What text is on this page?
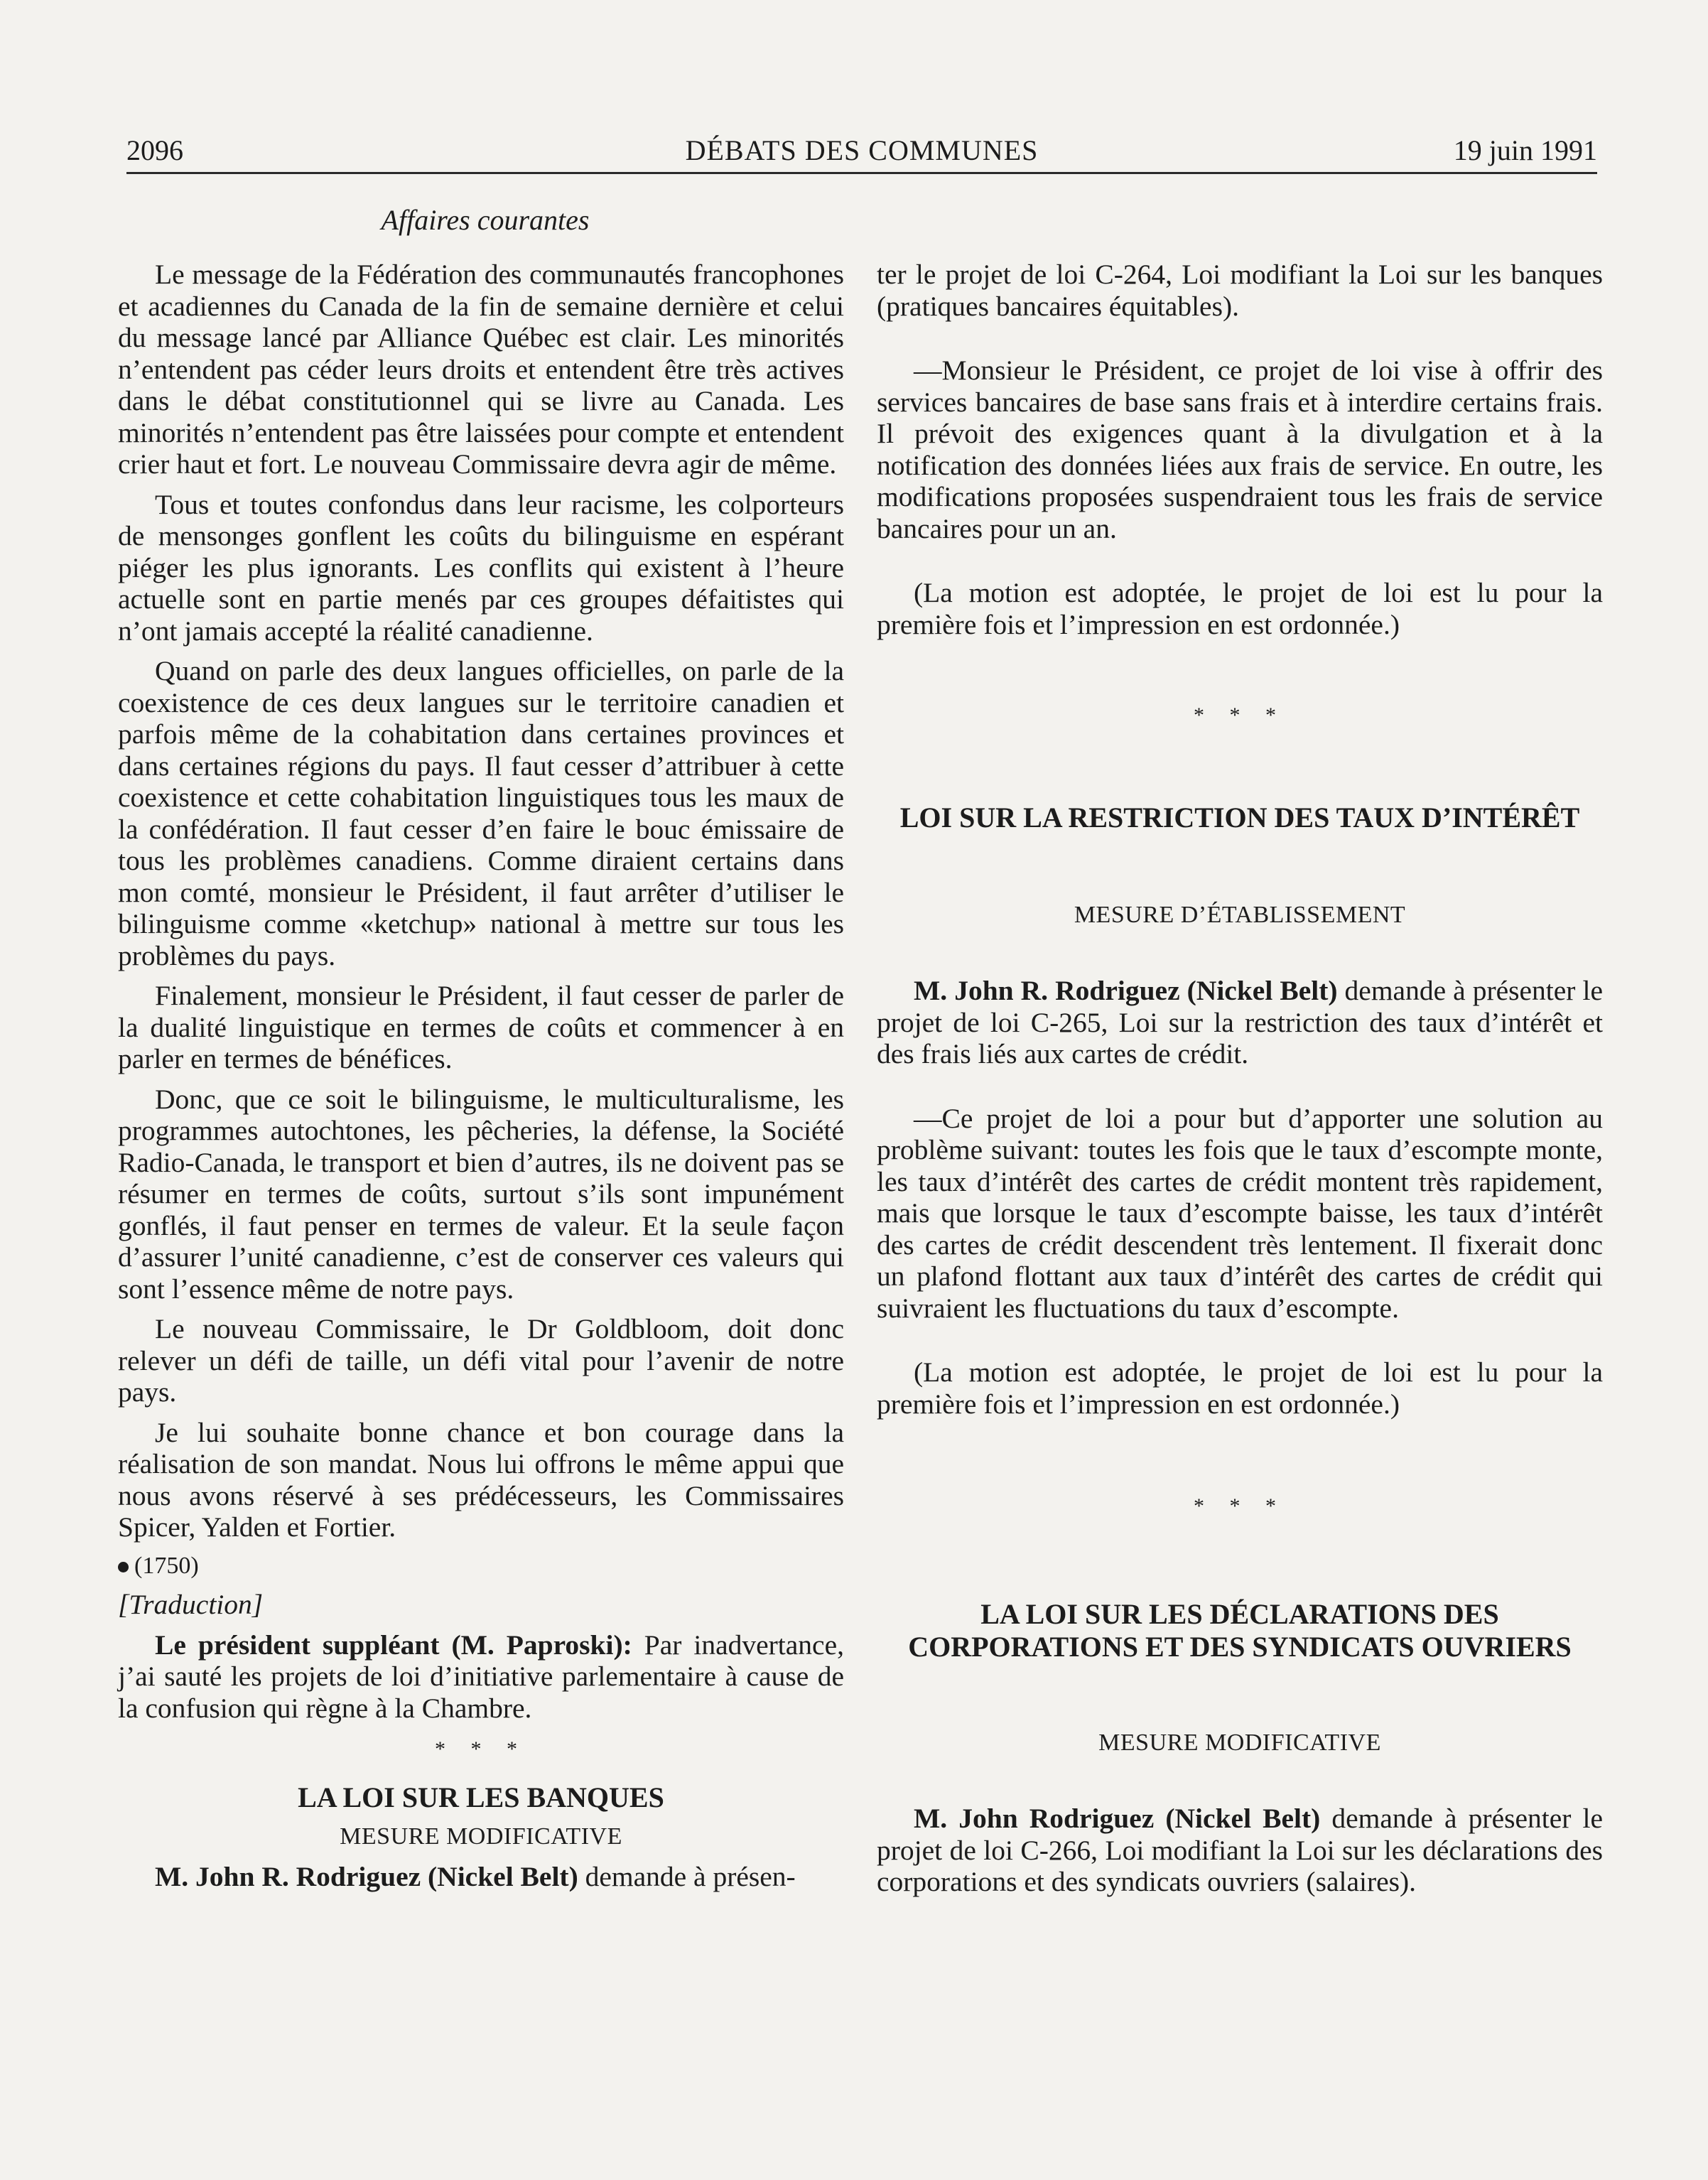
2096	DÉBATS DES COMMUNES	19 juin 1991
Affaires courantes

Le message de la Fédération des communautés francophones et acadiennes du Canada de la fin de semaine dernière et celui du message lancé par Alliance Québec est clair. Les minorités n’entendent pas céder leurs droits et entendent être très actives dans le débat constitutionnel qui se livre au Canada. Les minorités n’entendent pas être laissées pour compte et entendent crier haut et fort. Le nouveau Commissaire devra agir de même.

Tous et toutes confondus dans leur racisme, les colporteurs de mensonges gonflent les coûts du bilinguisme en espérant piéger les plus ignorants. Les conflits qui existent à l’heure actuelle sont en partie menés par ces groupes défaitistes qui n’ont jamais accepté la réalité canadienne.

Quand on parle des deux langues officielles, on parle de la coexistence de ces deux langues sur le territoire canadien et parfois même de la cohabitation dans certaines provinces et dans certaines régions du pays. Il faut cesser d’attribuer à cette coexistence et cette cohabitation linguistiques tous les maux de la confédération. Il faut cesser d’en faire le bouc émissaire de tous les problèmes canadiens. Comme diraient certains dans mon comté, monsieur le Président, il faut arrêter d’utiliser le bilinguisme comme «ketchup» national à mettre sur tous les problèmes du pays.

Finalement, monsieur le Président, il faut cesser de parler de la dualité linguistique en termes de coûts et commencer à en parler en termes de bénéfices.

Donc, que ce soit le bilinguisme, le multiculturalisme, les programmes autochtones, les pêcheries, la défense, la Société Radio-Canada, le transport et bien d’autres, ils ne doivent pas se résumer en termes de coûts, surtout s’ils sont impunément gonflés, il faut penser en termes de valeur. Et la seule façon d’assurer l’unité canadienne, c’est de conserver ces valeurs qui sont l’essence même de notre pays.

Le nouveau Commissaire, le Dr Goldbloom, doit donc relever un défi de taille, un défi vital pour l’avenir de notre pays.

Je lui souhaite bonne chance et bon courage dans la réalisation de son mandat. Nous lui offrons le même appui que nous avons réservé à ses prédécesseurs, les Commissaires Spicer, Yalden et Fortier.

(1750)
[Traduction]

Le président suppléant (M. Paproski): Par inadvertance, j’ai sauté les projets de loi d’initiative parlementaire à cause de la confusion qui règne à la Chambre.

* * *
LA LOI SUR LES BANQUES
MESURE MODIFICATIVE

M. John R. Rodriguez (Nickel Belt) demande à présen-

ter le projet de loi C-264, Loi modifiant la Loi sur les banques (pratiques bancaires équitables).

—Monsieur le Président, ce projet de loi vise à offrir des services bancaires de base sans frais et à interdire certains frais. Il prévoit des exigences quant à la divulgation et à la notification des données liées aux frais de service. En outre, les modifications proposées suspendraient tous les frais de service bancaires pour un an.

(La motion est adoptée, le projet de loi est lu pour la première fois et l’impression en est ordonnée.)

* * *
LOI SUR LA RESTRICTION DES TAUX D’INTÉRÊT
MESURE D’ÉTABLISSEMENT

M. John R. Rodriguez (Nickel Belt) demande à présenter le projet de loi C-265, Loi sur la restriction des taux d’intérêt et des frais liés aux cartes de crédit.

—Ce projet de loi a pour but d’apporter une solution au problème suivant: toutes les fois que le taux d’escompte monte, les taux d’intérêt des cartes de crédit montent très rapidement, mais que lorsque le taux d’escompte baisse, les taux d’intérêt des cartes de crédit descendent très lentement. Il fixerait donc un plafond flottant aux taux d’intérêt des cartes de crédit qui suivraient les fluctuations du taux d’escompte.

(La motion est adoptée, le projet de loi est lu pour la première fois et l’impression en est ordonnée.)

* * *
LA LOI SUR LES DÉCLARATIONS DES
CORPORATIONS ET DES SYNDICATS OUVRIERS
MESURE MODIFICATIVE

M. John Rodriguez (Nickel Belt) demande à présenter le projet de loi C-266, Loi modifiant la Loi sur les déclarations des corporations et des syndicats ouvriers (salaires).
